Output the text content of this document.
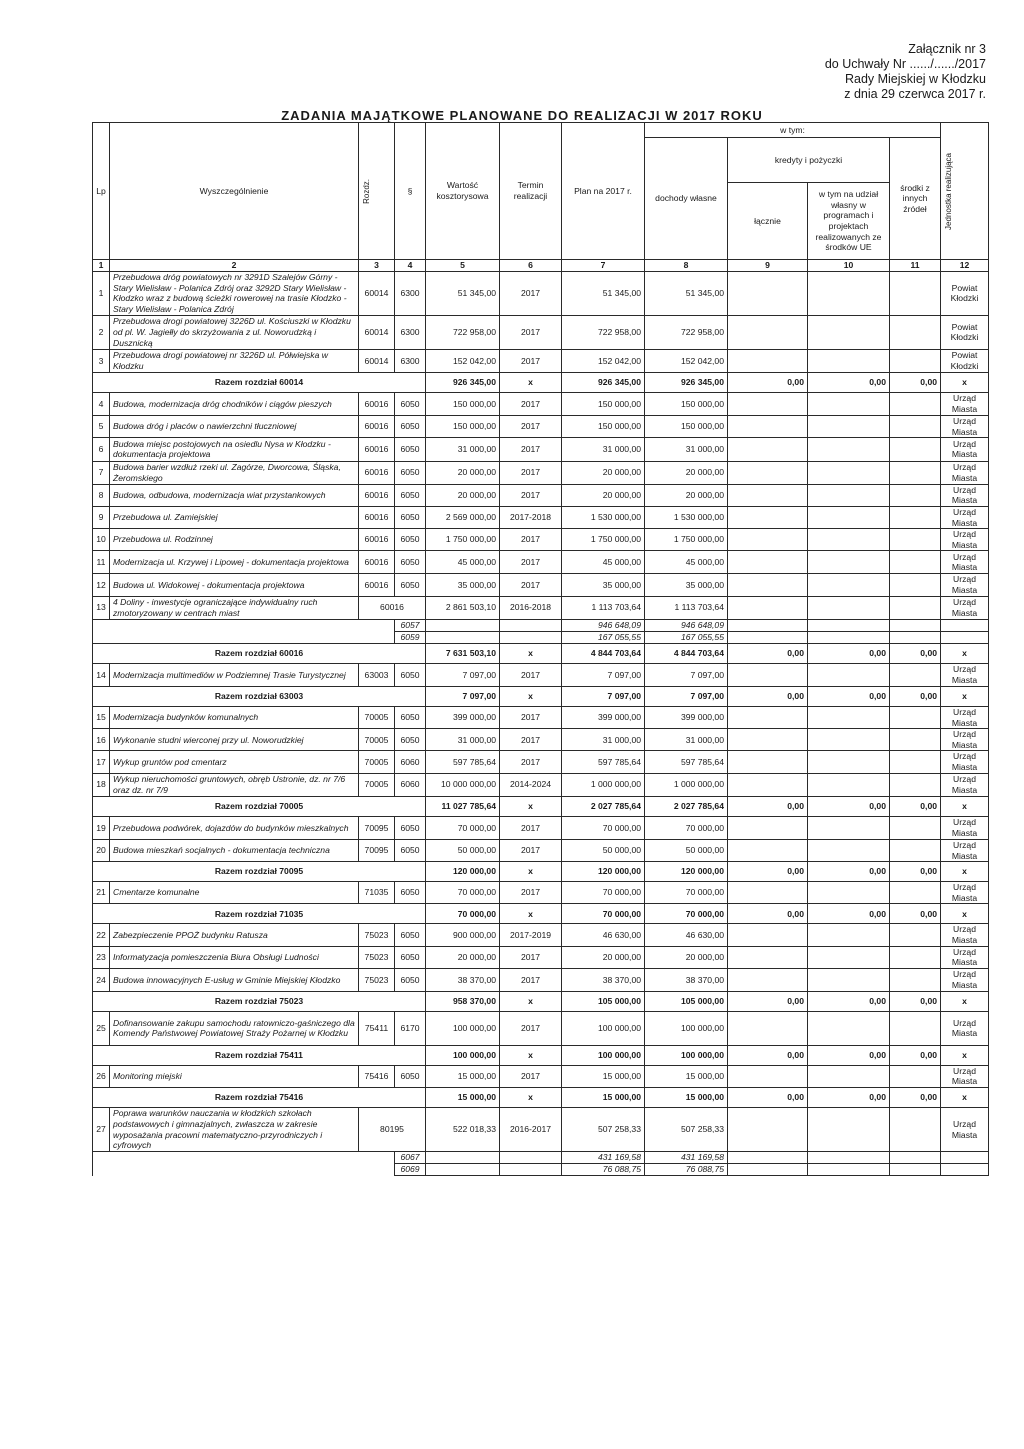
Załącznik nr 3
do Uchwały Nr ....../....../2017
Rady Miejskiej w Kłodzku
z dnia 29 czerwca 2017 r.
ZADANIA MAJĄTKOWE PLANOWANE DO REALIZACJI W 2017 ROKU
Lp	Wyszczególnienie	Rozdz.	§	Wartość kosztorysowa	Termin realizacji	Plan na 2017 r.	w tym:				Jednostka realizująca

							dochody własne	kredyty i pożyczki		środki z innych źródeł	
								łącznie	w tym na udział własny w programach i projektach realizowanych ze środków UE		
1	2	3	4	5	6	7	8	9	10	11	12
1	Przebudowa dróg powiatowych nr 3291D Szalejów Górny - Stary Wielisław - Polanica Zdrój oraz 3292D Stary Wielisław - Kłodzko wraz z budową ścieżki rowerowej na trasie Kłodzko - Stary Wielisław - Polanica Zdrój	60014	6300	51 345,00	2017	51 345,00	51 345,00				Powiat Kłodzki
2	Przebudowa drogi powiatowej 3226D ul. Kościuszki w Kłodzku od pl. W. Jagiełły do skrzyżowania z ul. Noworudzką i Dusznicką	60014	6300	722 958,00	2017	722 958,00	722 958,00				Powiat Kłodzki
3	Przebudowa drogi powiatowej nr 3226D ul. Półwiejska w Kłodzku	60014	6300	152 042,00	2017	152 042,00	152 042,00				Powiat Kłodzki
Razem rozdział 60014				926 345,00	x	926 345,00	926 345,00	0,00	0,00	0,00	x
4	Budowa, modernizacja dróg chodników i ciągów pieszych	60016	6050	150 000,00	2017	150 000,00	150 000,00				Urząd Miasta
5	Budowa dróg i placów o nawierzchni tłuczniowej	60016	6050	150 000,00	2017	150 000,00	150 000,00				Urząd Miasta
6	Budowa miejsc postojowych na osiedlu Nysa w Kłodzku - dokumentacja projektowa	60016	6050	31 000,00	2017	31 000,00	31 000,00				Urząd Miasta
7	Budowa barier wzdłuż rzeki ul. Zagórze, Dworcowa, Śląska, Żeromskiego	60016	6050	20 000,00	2017	20 000,00	20 000,00				Urząd Miasta
8	Budowa, odbudowa, modernizacja wiat przystankowych	60016	6050	20 000,00	2017	20 000,00	20 000,00				Urząd Miasta
9	Przebudowa ul. Zamiejskiej	60016	6050	2 569 000,00	2017-2018	1 530 000,00	1 530 000,00				Urząd Miasta
10	Przebudowa ul. Rodzinnej	60016	6050	1 750 000,00	2017	1 750 000,00	1 750 000,00				Urząd Miasta
11	Modernizacja ul. Krzywej i Lipowej - dokumentacja projektowa	60016	6050	45 000,00	2017	45 000,00	45 000,00				Urząd Miasta
12	Budowa ul. Widokowej - dokumentacja projektowa	60016	6050	35 000,00	2017	35 000,00	35 000,00				Urząd Miasta
13	4 Doliny - inwestycje ograniczające indywidualny ruch zmotoryzowany w centrach miast	60016		2 861 503,10	2016-2018	1 113 703,64	1 113 703,64				Urząd Miasta
			6057			946 648,09	946 648,09				
			6059			167 055,55	167 055,55				
Razem rozdział 60016				7 631 503,10	x	4 844 703,64	4 844 703,64	0,00	0,00	0,00	x
14	Modernizacja multimediów w Podziemnej Trasie Turystycznej	63003	6050	7 097,00	2017	7 097,00	7 097,00				Urząd Miasta
Razem rozdział 63003				7 097,00	x	7 097,00	7 097,00	0,00	0,00	0,00	x
15	Modernizacja budynków komunalnych	70005	6050	399 000,00	2017	399 000,00	399 000,00				Urząd Miasta
16	Wykonanie studni wierconej przy ul. Noworudzkiej	70005	6050	31 000,00	2017	31 000,00	31 000,00				Urząd Miasta
17	Wykup gruntów pod cmentarz	70005	6060	597 785,64	2017	597 785,64	597 785,64				Urząd Miasta
18	Wykup nieruchomości gruntowych, obręb Ustronie, dz. nr 7/6 oraz dz. nr 7/9	70005	6060	10 000 000,00	2014-2024	1 000 000,00	1 000 000,00				Urząd Miasta
Razem rozdział 70005				11 027 785,64	x	2 027 785,64	2 027 785,64	0,00	0,00	0,00	x
19	Przebudowa podwórek, dojazdów do budynków mieszkalnych	70095	6050	70 000,00	2017	70 000,00	70 000,00				Urząd Miasta
20	Budowa mieszkań socjalnych - dokumentacja techniczna	70095	6050	50 000,00	2017	50 000,00	50 000,00				Urząd Miasta
Razem rozdział 70095				120 000,00	x	120 000,00	120 000,00	0,00	0,00	0,00	x
21	Cmentarze komunalne	71035	6050	70 000,00	2017	70 000,00	70 000,00				Urząd Miasta
Razem rozdział 71035				70 000,00	x	70 000,00	70 000,00	0,00	0,00	0,00	x
22	Zabezpieczenie PPOŻ budynku Ratusza	75023	6050	900 000,00	2017-2019	46 630,00	46 630,00				Urząd Miasta
23	Informatyzacja pomieszczenia Biura Obsługi Ludności	75023	6050	20 000,00	2017	20 000,00	20 000,00				Urząd Miasta
24	Budowa innowacyjnych E-usług w Gminie Miejskiej Kłodzko	75023	6050	38 370,00	2017	38 370,00	38 370,00				Urząd Miasta
Razem rozdział 75023				958 370,00	x	105 000,00	105 000,00	0,00	0,00	0,00	x
25	Dofinansowanie zakupu samochodu ratowniczo-gaśniczego dla Komendy Państwowej Powiatowej Straży Pożarnej w Kłodzku	75411	6170	100 000,00	2017	100 000,00	100 000,00				Urząd Miasta
Razem rozdział 75411				100 000,00	x	100 000,00	100 000,00	0,00	0,00	0,00	x
26	Monitoring miejski	75416	6050	15 000,00	2017	15 000,00	15 000,00				Urząd Miasta
Razem rozdział 75416				15 000,00	x	15 000,00	15 000,00	0,00	0,00	0,00	x
27	Poprawa warunków nauczania w kłodzkich szkołach podstawowych i gimnazjalnych, zwłaszcza w zakresie wyposażania pracowni matematyczno-przyrodniczych i cyfrowych	80195		522 018,33	2016-2017	507 258,33	507 258,33				Urząd Miasta
			6067			431 169,58	431 169,58				
			6069			76 088,75	76 088,75				
